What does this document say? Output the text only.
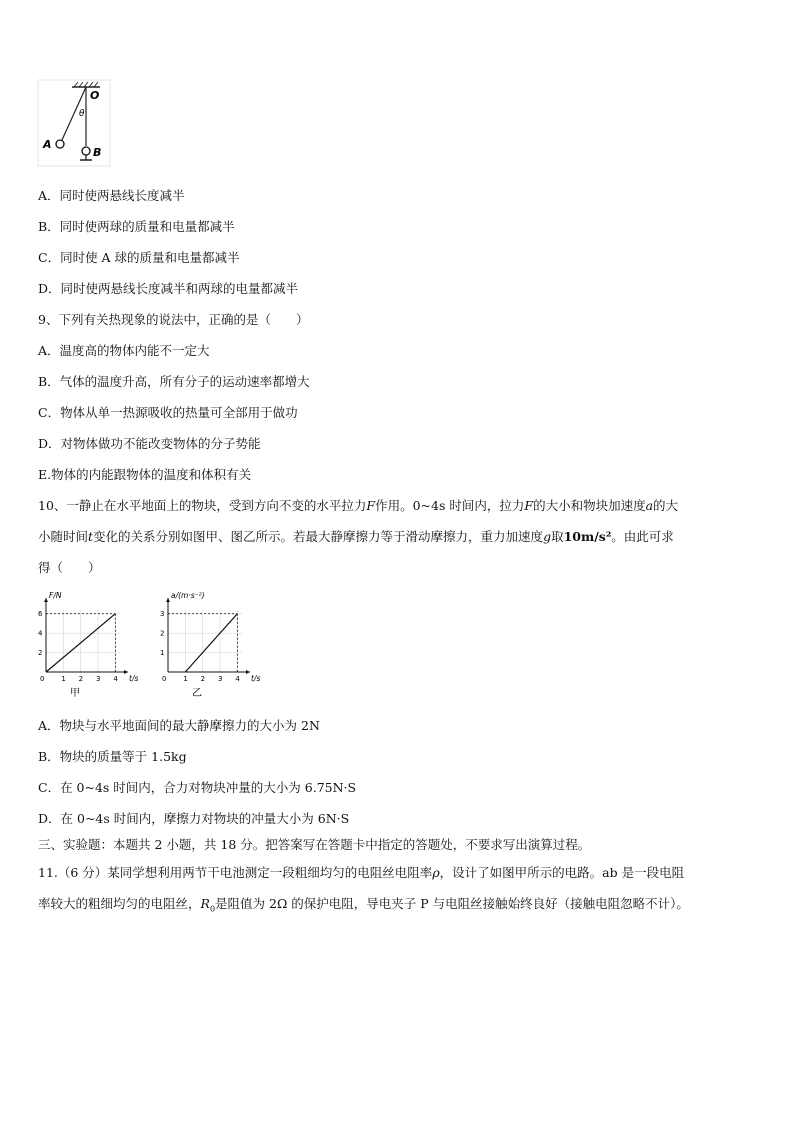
O
θ
A
B
A．同时使两悬线长度减半
B．同时使两球的质量和电量都减半
C．同时使 A 球的质量和电量都减半
D．同时使两悬线长度减半和两球的电量都减半
9、下列有关热现象的说法中，正确的是（　　）
A．温度高的物体内能不一定大
B．气体的温度升高，所有分子的运动速率都增大
C．物体从单一热源吸收的热量可全部用于做功
D．对物体做功不能改变物体的分子势能
E.物体的内能跟物体的温度和体积有关
10、一静止在水平地面上的物块，受到方向不变的水平拉力F作用。0~4s 时间内，拉力F的大小和物块加速度a的大
小随时间t变化的关系分别如图甲、图乙所示。若最大静摩擦力等于滑动摩擦力，重力加速度g取10m/s²。由此可求
得（　　）
F/N
t/s
0 1 2 3 4
2
4
6
甲
a/(m·s⁻²)
t/s
0 1 2 3 4
1
2
3
乙
A．物块与水平地面间的最大静摩擦力的大小为 2N
B．物块的质量等于 1.5kg
C．在 0~4s 时间内，合力对物块冲量的大小为 6.75N·S
D．在 0~4s 时间内，摩擦力对物块的冲量大小为 6N·S
三、实验题：本题共 2 小题，共 18 分。把答案写在答题卡中指定的答题处，不要求写出演算过程。
11.（6 分）某同学想利用两节干电池测定一段粗细均匀的电阻丝电阻率ρ，设计了如图甲所示的电路。ab 是一段电阻
率较大的粗细均匀的电阻丝，$R_0$是阻值为 2Ω 的保护电阻，导电夹子 P 与电阻丝接触始终良好（接触电阻忽略不计）。
